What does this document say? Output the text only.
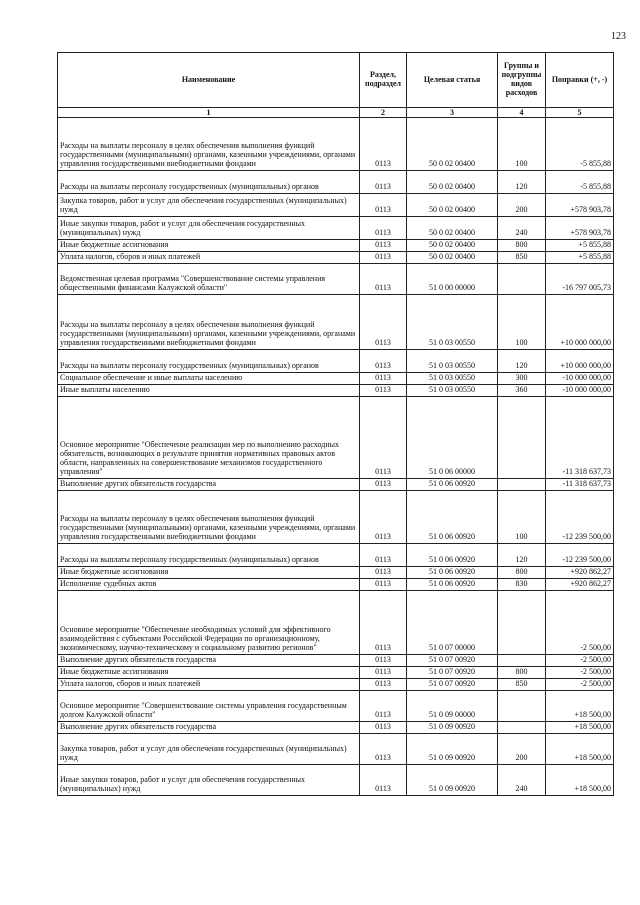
123
Наименование	Раздел, подраздел	Целевая статья	Группы и подгруппы видов расходов	Поправки (+, -)
1	2	3	4	5
Расходы на выплаты персоналу в целях обеспечения выполнения функций государственными (муниципальными) органами, казенными учреждениями, органами управления государственными внебюджетными фондами	0113	50 0 02 00400	100	-5 855,88
Расходы на выплаты персоналу государственных (муниципальных) органов	0113	50 0 02 00400	120	-5 855,88
Закупка товаров, работ и услуг для обеспечения государственных (муниципальных) нужд	0113	50 0 02 00400	200	+578 903,78
Иные закупки товаров, работ и услуг для обеспечения государственных (муниципальных) нужд	0113	50 0 02 00400	240	+578 903,78
Иные бюджетные ассигнования	0113	50 0 02 00400	800	+5 855,88
Уплата налогов, сборов и иных платежей	0113	50 0 02 00400	850	+5 855,88
Ведомственная целевая программа "Совершенствование системы управления общественными финансами Калужской области"	0113	51 0 00 00000		-16 797 005,73
Расходы на выплаты персоналу в целях обеспечения выполнения функций государственными (муниципальными) органами, казенными учреждениями, органами управления государственными внебюджетными фондами	0113	51 0 03 00550	100	+10 000 000,00
Расходы на выплаты персоналу государственных (муниципальных) органов	0113	51 0 03 00550	120	+10 000 000,00
Социальное обеспечение и иные выплаты населению	0113	51 0 03 00550	300	-10 000 000,00
Иные выплаты населению	0113	51 0 03 00550	360	-10 000 000,00
Основное мероприятие "Обеспечение реализации мер по выполнению расходных обязательств, возникающих в результате принятия нормативных правовых актов области, направленных на совершенствование механизмов государственного управления"	0113	51 0 06 00000		-11 318 637,73
Выполнение других обязательств государства	0113	51 0 06 00920		-11 318 637,73
Расходы на выплаты персоналу в целях обеспечения выполнения функций государственными (муниципальными) органами, казенными учреждениями, органами управления государственными внебюджетными фондами	0113	51 0 06 00920	100	-12 239 500,00
Расходы на выплаты персоналу государственных (муниципальных) органов	0113	51 0 06 00920	120	-12 239 500,00
Иные бюджетные ассигнования	0113	51 0 06 00920	800	+920 862,27
Исполнение судебных актов	0113	51 0 06 00920	830	+920 862,27
Основное мероприятие "Обеспечение необходимых условий для эффективного взаимодействия с субъектами Российской Федерации по организационному, экономическому, научно-техническому и социальному развитию регионов"	0113	51 0 07 00000		-2 500,00
Выполнение других обязательств государства	0113	51 0 07 00920		-2 500,00
Иные бюджетные ассигнования	0113	51 0 07 00920	800	-2 500,00
Уплата налогов, сборов и иных платежей	0113	51 0 07 00920	850	-2 500,00
Основное мероприятие "Совершенствование системы управления государственным долгом Калужской области"	0113	51 0 09 00000		+18 500,00
Выполнение других обязательств государства	0113	51 0 09 00920		+18 500,00
Закупка товаров, работ и услуг для обеспечения государственных (муниципальных) нужд	0113	51 0 09 00920	200	+18 500,00
Иные закупки товаров, работ и услуг для обеспечения государственных (муниципальных) нужд	0113	51 0 09 00920	240	+18 500,00
